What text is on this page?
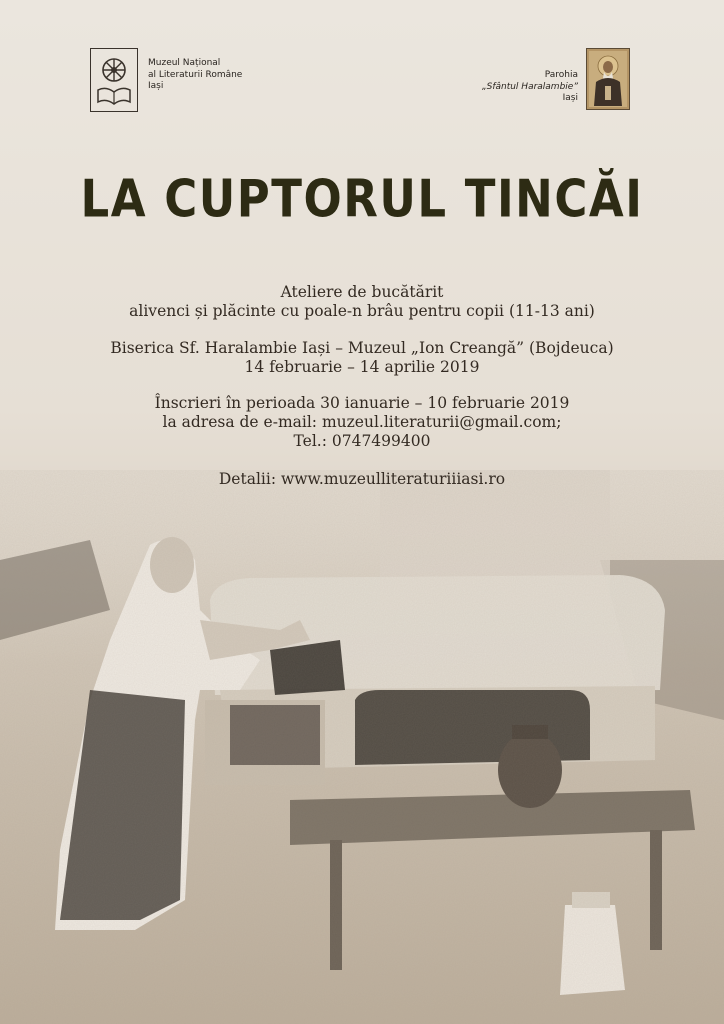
Muzeul Național
al Literaturii Române
Iași
Parohia
„Sfântul Haralambie”
Iași
LA CUPTORUL TINCĂI
Ateliere de bucătărit
alivenci și plăcinte cu poale-n brâu pentru copii (11-13 ani)
Biserica Sf. Haralambie Iași – Muzeul „Ion Creangă” (Bojdeuca)
14 februarie – 14 aprilie 2019
Înscrieri în perioada 30 ianuarie – 10 februarie 2019
la adresa de e-mail: muzeul.literaturii@gmail.com;
Tel.: 0747499400
Detalii: www.muzeulliteraturiiiasi.ro
